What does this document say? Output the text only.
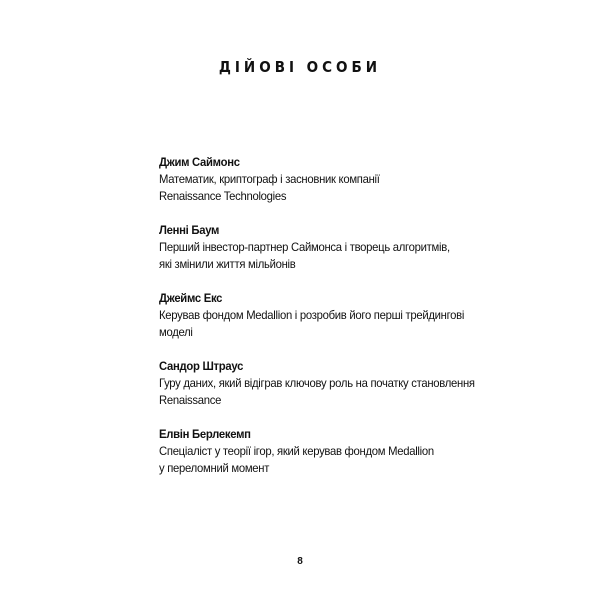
ДІЙОВІ ОСОБИ
Джим Саймонс
Математик, криптограф і засновник компанії
Renaissance Technologies
Ленні Баум
Перший інвестор-партнер Саймонса і творець алгоритмів,
які змінили життя мільйонів
Джеймс Екс
Керував фондом Medallion і розробив його перші трейдингові
моделі
Сандор Штраус
Гуру даних, який відіграв ключову роль на початку становлення
Renaissance
Елвін Берлекемп
Спеціаліст у теорії ігор, який керував фондом Medallion
у переломний момент
8
